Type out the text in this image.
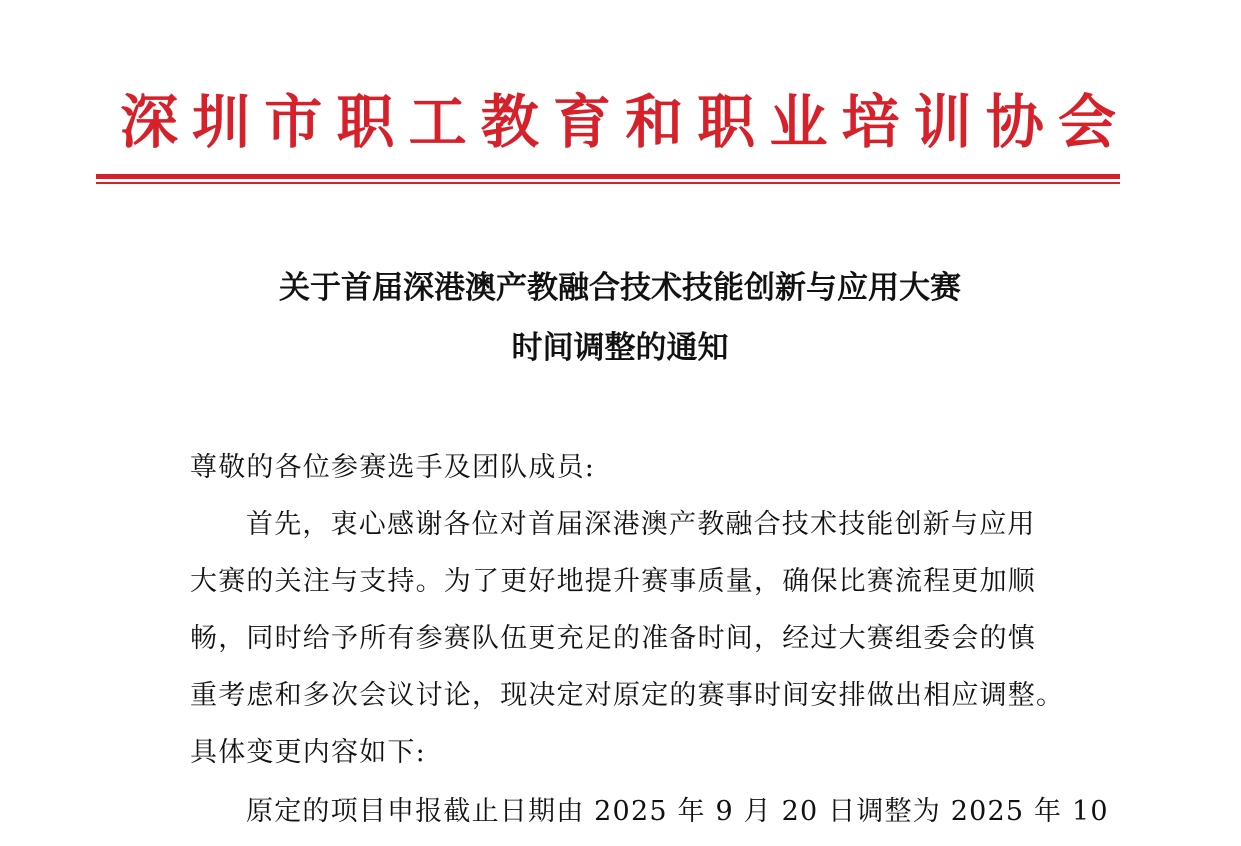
深圳市职工教育和职业培训协会
关于首届深港澳产教融合技术技能创新与应用大赛
时间调整的通知
尊敬的各位参赛选手及团队成员:
首先，衷心感谢各位对首届深港澳产教融合技术技能创新与应用
大赛的关注与支持。为了更好地提升赛事质量，确保比赛流程更加顺
畅，同时给予所有参赛队伍更充足的准备时间，经过大赛组委会的慎
重考虑和多次会议讨论，现决定对原定的赛事时间安排做出相应调整。
具体变更内容如下:
原定的项目申报截止日期由 2025 年 9 月 20 日调整为 2025 年 10
